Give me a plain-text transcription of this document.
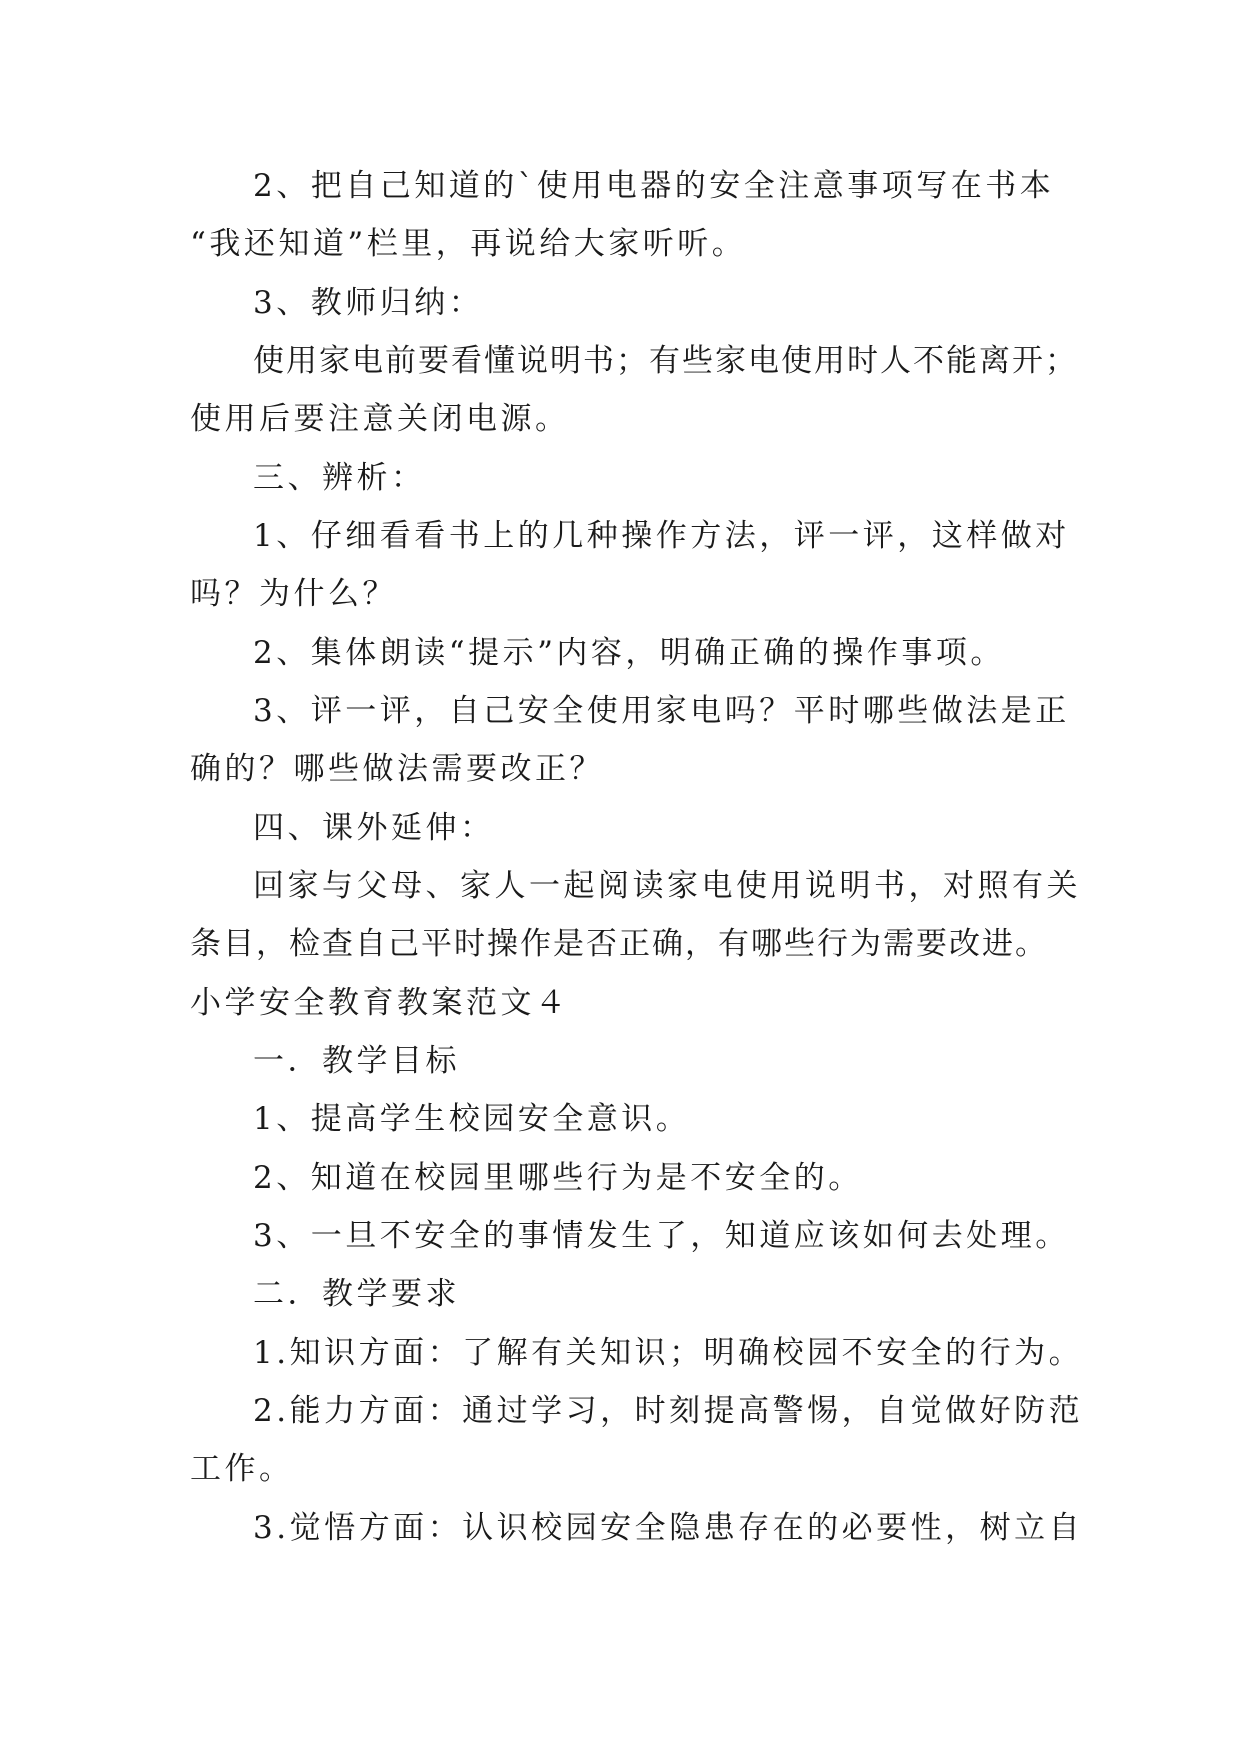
2、把自己知道的`使用电器的安全注意事项写在书本
“我还知道”栏里，再说给大家听听。
3、教师归纳：
使用家电前要看懂说明书；有些家电使用时人不能离开；
使用后要注意关闭电源。
三、辨析：
1、仔细看看书上的几种操作方法，评一评，这样做对
吗？为什么？
2、集体朗读“提示”内容，明确正确的操作事项。
3、评一评，自己安全使用家电吗？平时哪些做法是正
确的？哪些做法需要改正？
四、课外延伸：
回家与父母、家人一起阅读家电使用说明书，对照有关
条目，检查自己平时操作是否正确，有哪些行为需要改进。
小学安全教育教案范文４
一．教学目标
1、提高学生校园安全意识。
2、知道在校园里哪些行为是不安全的。
3、一旦不安全的事情发生了，知道应该如何去处理。
二．教学要求
1.知识方面：了解有关知识；明确校园不安全的行为。
2.能力方面：通过学习，时刻提高警惕，自觉做好防范
工作。
3.觉悟方面：认识校园安全隐患存在的必要性，树立自
